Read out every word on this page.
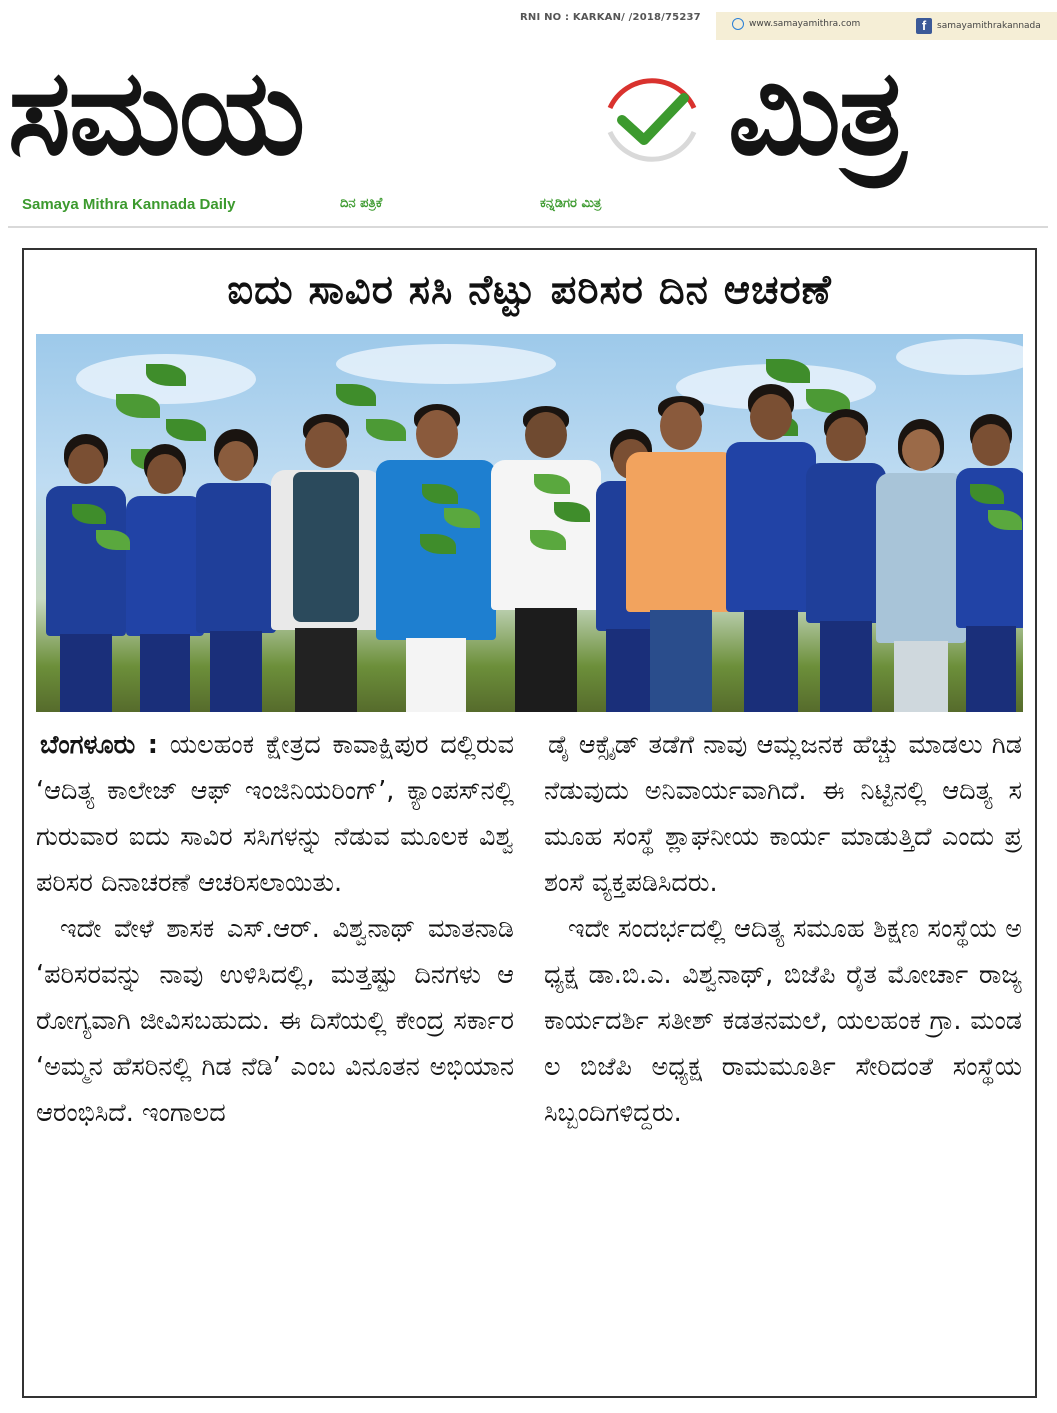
RNI NO : KARKAN/ /2018/75237
www.samayamithra.com	f	samayamithrakannada
ಸಮಯ	ಮಿತ್ರ
Samaya Mithra Kannada Daily	ದಿನ ಪತ್ರಿಕೆ	ಕನ್ನಡಿಗರ ಮಿತ್ರ
ಐದು ಸಾವಿರ ಸಸಿ ನೆಟ್ಟು ಪರಿಸರ ದಿನ ಆಚರಣೆ

ಬೆಂಗಳೂರು : ಯಲಹಂಕ ಕ್ಷೇತ್ರದ ಕಾವಾಕ್ಷಿಪುರ ದಲ್ಲಿರುವ ‘ಆದಿತ್ಯ ಕಾಲೇಜ್ ಆಫ್ ಇಂಜಿನಿಯರಿಂಗ್’, ಕ್ಯಾಂಪಸ್‌ನಲ್ಲಿ ಗುರುವಾರ ಐದು ಸಾವಿರ ಸಸಿಗಳನ್ನು ನೆಡುವ ಮೂಲಕ ವಿಶ್ವ ಪರಿಸರ ದಿನಾಚರಣೆ ಆಚರಿಸಲಾಯಿತು.

ಇದೇ ವೇಳೆ ಶಾಸಕ ಎಸ್.ಆರ್. ವಿಶ್ವನಾಥ್ ಮಾತನಾಡಿ ‘ಪರಿಸರವನ್ನು ನಾವು ಉಳಿಸಿದಲ್ಲಿ, ಮತ್ತಷ್ಟು ದಿನಗಳು ಆರೋಗ್ಯವಾಗಿ ಜೀವಿಸಬಹುದು. ಈ ದಿಸೆಯಲ್ಲಿ ಕೇಂದ್ರ ಸರ್ಕಾರ ‘ಅಮ್ಮನ ಹೆಸರಿನಲ್ಲಿ ಗಿಡ ನೆಡಿ’ ಎಂಬ ವಿನೂತನ ಅಭಿಯಾನ ಆರಂಭಿಸಿದೆ. ಇಂಗಾಲದ

ಡೈ ಆಕ್ಸೈಡ್ ತಡೆಗೆ ನಾವು ಆಮ್ಲಜನಕ ಹೆಚ್ಚು ಮಾಡಲು ಗಿಡ ನೆಡುವುದು ಅನಿವಾರ್ಯವಾಗಿದೆ. ಈ ನಿಟ್ಟಿನಲ್ಲಿ ಆದಿತ್ಯ ಸಮೂಹ ಸಂಸ್ಥೆ ಶ್ಲಾಘನೀಯ ಕಾರ್ಯ ಮಾಡುತ್ತಿದೆ ಎಂದು ಪ್ರಶಂಸೆ ವ್ಯಕ್ತಪಡಿಸಿದರು.

ಇದೇ ಸಂದರ್ಭದಲ್ಲಿ ಆದಿತ್ಯ ಸಮೂಹ ಶಿಕ್ಷಣ ಸಂಸ್ಥೆಯ ಅಧ್ಯಕ್ಷ ಡಾ.ಬಿ.ಎ. ವಿಶ್ವನಾಥ್, ಬಿಜೆಪಿ ರೈತ ಮೋರ್ಚಾ ರಾಜ್ಯ ಕಾರ್ಯದರ್ಶಿ ಸತೀಶ್ ಕಡತನಮಲೆ, ಯಲಹಂಕ ಗ್ರಾ. ಮಂಡಲ ಬಿಜೆಪಿ ಅಧ್ಯಕ್ಷ ರಾಮಮೂರ್ತಿ ಸೇರಿದಂತೆ ಸಂಸ್ಥೆಯ ಸಿಬ್ಬಂದಿಗಳಿದ್ದರು.
